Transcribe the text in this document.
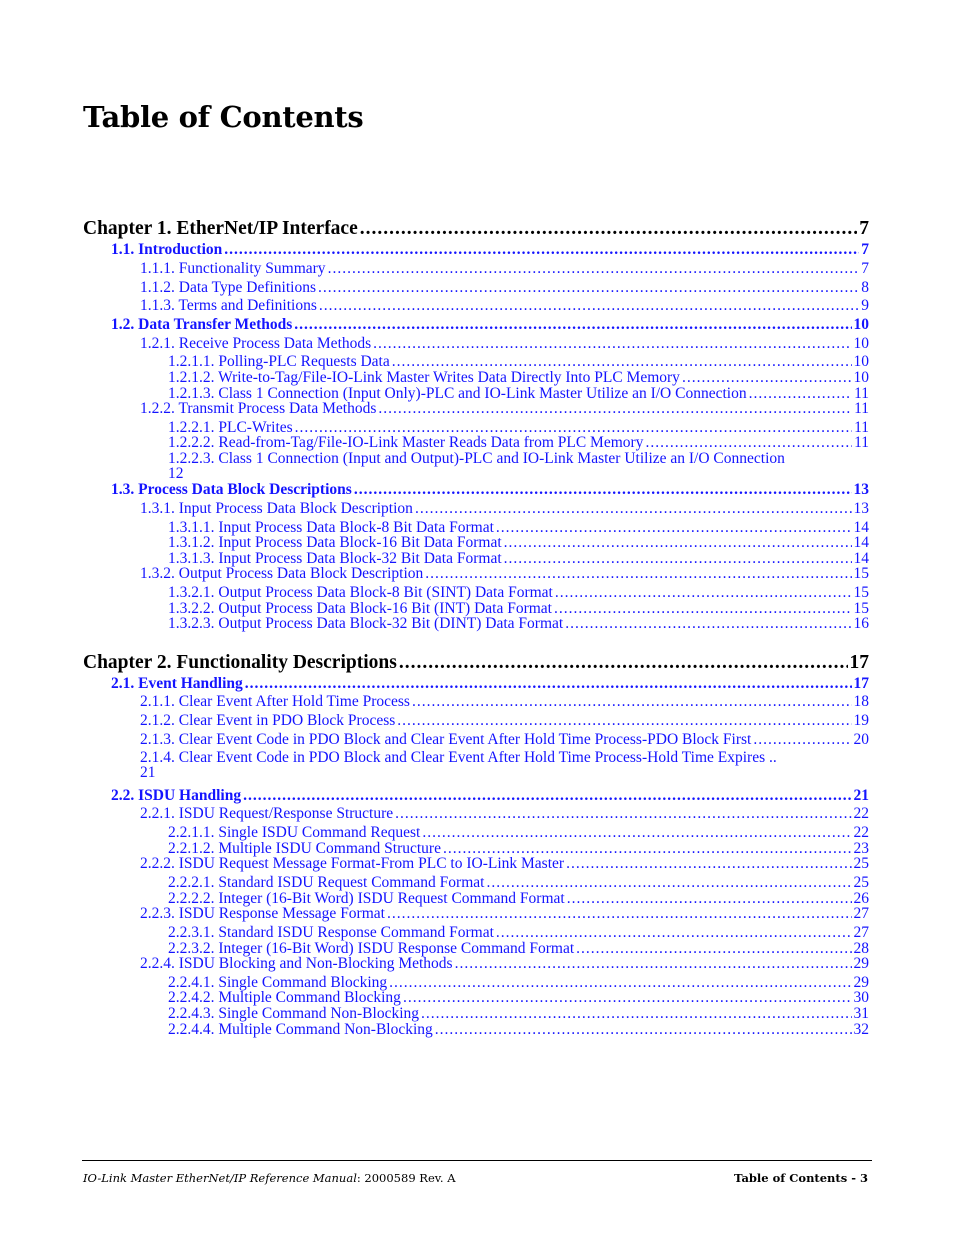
Table of Contents
Chapter 1. EtherNet/IP Interface .....	7
1.1. Introduction .....	7
1.1.1. Functionality Summary .....	7
1.1.2. Data Type Definitions .....	8
1.1.3. Terms and Definitions .....	9
1.2. Data Transfer Methods .....	10
1.2.1. Receive Process Data Methods .....	10
1.2.1.1. Polling-PLC Requests Data .....	10
1.2.1.2. Write-to-Tag/File-IO-Link Master Writes Data Directly Into PLC Memory .....	10
1.2.1.3. Class 1 Connection (Input Only)-PLC and IO-Link Master Utilize an I/O Connection .....	11
1.2.2. Transmit Process Data Methods .....	11
1.2.2.1. PLC-Writes .....	11
1.2.2.2. Read-from-Tag/File-IO-Link Master Reads Data from PLC Memory .....	11
1.2.2.3. Class 1 Connection (Input and Output)-PLC and IO-Link Master Utilize an I/O Connection
12
1.3. Process Data Block Descriptions .....	13
1.3.1. Input Process Data Block Description .....	13
1.3.1.1. Input Process Data Block-8 Bit Data Format .....	14
1.3.1.2. Input Process Data Block-16 Bit Data Format .....	14
1.3.1.3. Input Process Data Block-32 Bit Data Format .....	14
1.3.2. Output Process Data Block Description .....	15
1.3.2.1. Output Process Data Block-8 Bit (SINT) Data Format .....	15
1.3.2.2. Output Process Data Block-16 Bit (INT) Data Format .....	15
1.3.2.3. Output Process Data Block-32 Bit (DINT) Data Format .....	16
Chapter 2. Functionality Descriptions .....	17
2.1. Event Handling .....	17
2.1.1. Clear Event After Hold Time Process .....	18
2.1.2. Clear Event in PDO Block Process .....	19
2.1.3. Clear Event Code in PDO Block and Clear Event After Hold Time Process-PDO Block First .....	20
2.1.4. Clear Event Code in PDO Block and Clear Event After Hold Time Process-Hold Time Expires ..
21
2.2. ISDU Handling .....	21
2.2.1. ISDU Request/Response Structure .....	22
2.2.1.1. Single ISDU Command Request .....	22
2.2.1.2. Multiple ISDU Command Structure .....	23
2.2.2. ISDU Request Message Format-From PLC to IO-Link Master .....	25
2.2.2.1. Standard ISDU Request Command Format .....	25
2.2.2.2. Integer (16-Bit Word) ISDU Request Command Format .....	26
2.2.3. ISDU Response Message Format .....	27
2.2.3.1. Standard ISDU Response Command Format .....	27
2.2.3.2. Integer (16-Bit Word) ISDU Response Command Format .....	28
2.2.4. ISDU Blocking and Non-Blocking Methods .....	29
2.2.4.1. Single Command Blocking .....	29
2.2.4.2. Multiple Command Blocking .....	30
2.2.4.3. Single Command Non-Blocking .....	31
2.2.4.4. Multiple Command Non-Blocking .....	32
IO-Link Master EtherNet/IP Reference Manual: 2000589 Rev. A	Table of Contents - 3
